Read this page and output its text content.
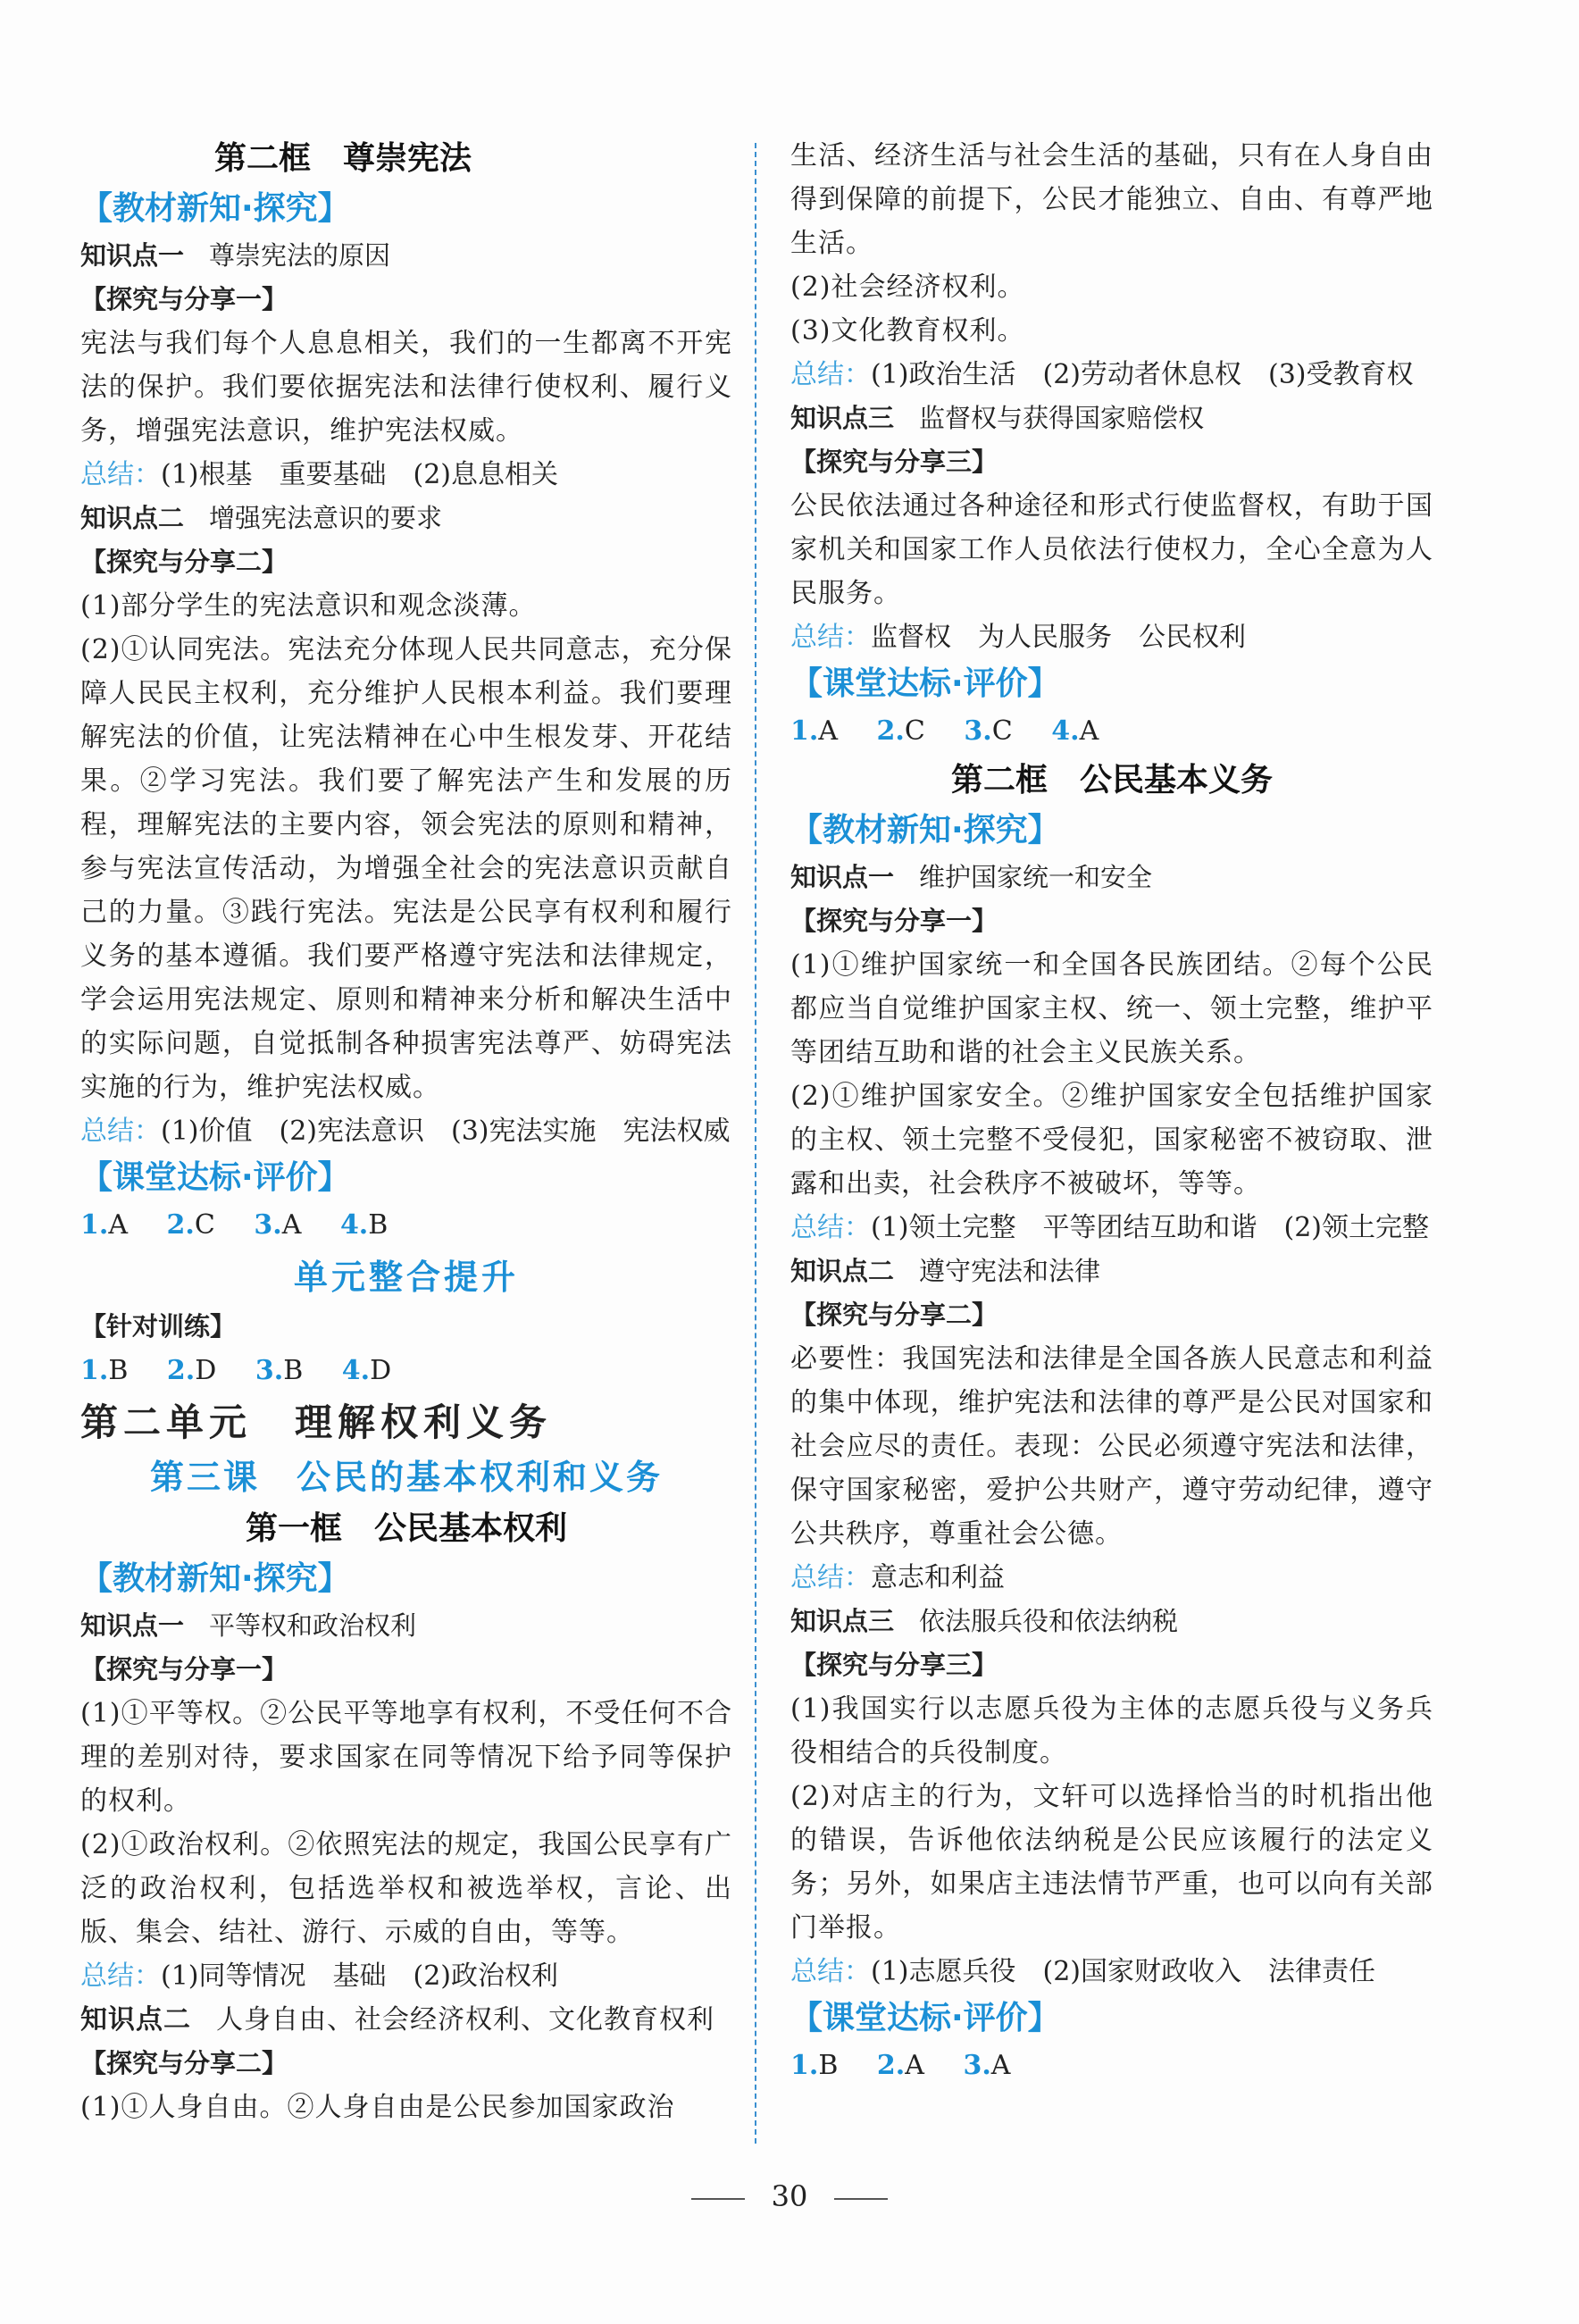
第二框　尊崇宪法
【教材新知·探究】
知识点一 尊崇宪法的原因
【探究与分享一】
宪法与我们每个人息息相关，我们的一生都离不开宪法的保护。我们要依据宪法和法律行使权利、履行义务，增强宪法意识，维护宪法权威。
总结：(1)根基　重要基础　(2)息息相关
知识点二 增强宪法意识的要求
【探究与分享二】
(1)部分学生的宪法意识和观念淡薄。
(2)①认同宪法。宪法充分体现人民共同意志，充分保障人民民主权利，充分维护人民根本利益。我们要理解宪法的价值，让宪法精神在心中生根发芽、开花结果。②学习宪法。我们要了解宪法产生和发展的历程，理解宪法的主要内容，领会宪法的原则和精神，参与宪法宣传活动，为增强全社会的宪法意识贡献自己的力量。③践行宪法。宪法是公民享有权利和履行义务的基本遵循。我们要严格遵守宪法和法律规定，学会运用宪法规定、原则和精神来分析和解决生活中的实际问题，自觉抵制各种损害宪法尊严、妨碍宪法实施的行为，维护宪法权威。
总结：(1)价值　(2)宪法意识　(3)宪法实施　宪法权威
【课堂达标·评价】
1.A 2.C 3.A 4.B
单元整合提升
【针对训练】
1.B 2.D 3.B 4.D
第二单元　理解权利义务
第三课　公民的基本权利和义务
第一框　公民基本权利
【教材新知·探究】
知识点一 平等权和政治权利
【探究与分享一】
(1)①平等权。②公民平等地享有权利，不受任何不合理的差别对待，要求国家在同等情况下给予同等保护的权利。
(2)①政治权利。②依照宪法的规定，我国公民享有广泛的政治权利，包括选举权和被选举权，言论、出版、集会、结社、游行、示威的自由，等等。
总结：(1)同等情况　基础　(2)政治权利
知识点二 人身自由、社会经济权利、文化教育权利
【探究与分享二】
(1)①人身自由。②人身自由是公民参加国家政治
生活、经济生活与社会生活的基础，只有在人身自由得到保障的前提下，公民才能独立、自由、有尊严地生活。
(2)社会经济权利。
(3)文化教育权利。
总结：(1)政治生活　(2)劳动者休息权　(3)受教育权
知识点三 监督权与获得国家赔偿权
【探究与分享三】
公民依法通过各种途径和形式行使监督权，有助于国家机关和国家工作人员依法行使权力，全心全意为人民服务。
总结：监督权　为人民服务　公民权利
【课堂达标·评价】
1.A 2.C 3.C 4.A
第二框　公民基本义务
【教材新知·探究】
知识点一 维护国家统一和安全
【探究与分享一】
(1)①维护国家统一和全国各民族团结。②每个公民都应当自觉维护国家主权、统一、领土完整，维护平等团结互助和谐的社会主义民族关系。
(2)①维护国家安全。②维护国家安全包括维护国家的主权、领土完整不受侵犯，国家秘密不被窃取、泄露和出卖，社会秩序不被破坏，等等。
总结：(1)领土完整　平等团结互助和谐　(2)领土完整
知识点二 遵守宪法和法律
【探究与分享二】
必要性：我国宪法和法律是全国各族人民意志和利益的集中体现，维护宪法和法律的尊严是公民对国家和社会应尽的责任。表现：公民必须遵守宪法和法律，保守国家秘密，爱护公共财产，遵守劳动纪律，遵守公共秩序，尊重社会公德。
总结：意志和利益
知识点三 依法服兵役和依法纳税
【探究与分享三】
(1)我国实行以志愿兵役为主体的志愿兵役与义务兵役相结合的兵役制度。
(2)对店主的行为，文轩可以选择恰当的时机指出他的错误，告诉他依法纳税是公民应该履行的法定义务；另外，如果店主违法情节严重，也可以向有关部门举报。
总结：(1)志愿兵役　(2)国家财政收入　法律责任
【课堂达标·评价】
1.B 2.A 3.A
30
